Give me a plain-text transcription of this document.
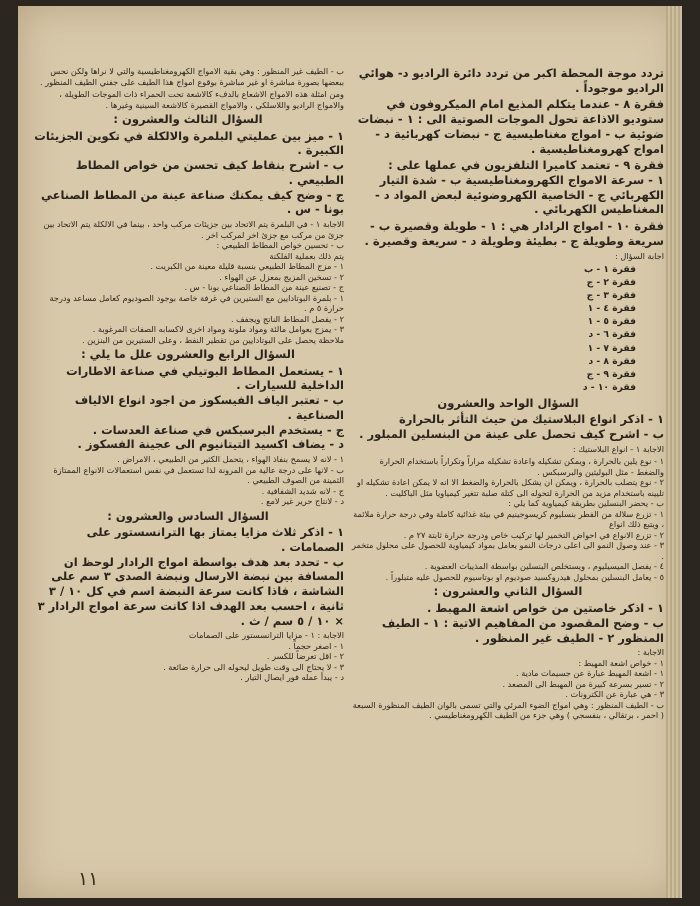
تردد موجة المحطة اكبر من تردد دائرة الراديو د- هوائي الراديو موجوداً .
فقرة ٨ - عندما يتكلم المذيع امام الميكروفون في ستوديو الاذاعة تحول الموجات الصوتية الى : ١ - نبضات ضوئية ب - امواج مغناطيسية ج - نبضات كهربائية د - امواج كهرومغناطيسية .
فقرة ٩ - تعتمد كاميرا التلفزيون في عملها على :
١ - سرعة الامواج الكهرومغناطيسية ب - شدة التيار الكهربائي ج - الخاصية الكهروضوئية لبعض المواد د - المغناطيس الكهربائي .
فقرة ١٠ - امواج الرادار هي : ١ - طويلة وقصيرة ب - سريعة وطويلة ج - بطيئة وطويلة د - سريعة وقصيرة .
اجابة السؤال :
فقرة ١ - ب
فقرة ٢ - ج
فقرة ٣ - ج
فقرة ٤ - ١
فقرة ٥ - ١
فقرة ٦ - د
فقرة ٧ - ١
فقرة ٨ - د
فقرة ٩ - ج
فقرة ١٠ - د
السؤال الواحد والعشرون
١ - اذكر انواع البلاستيك من حيث التأثر بالحرارة
ب - اشرح كيف تحصل على عينة من البنسلين المبلور .
الاجابة ١ - انواع البلاستيك :
١ - نوع يلين بالحرارة ، ويمكن تشكيله واعادة تشكيله مراراً وتكراراً باستخدام الحرارة والضغط - مثل البوليثين والبرسبكس .
٢ - نوع يتصلب بالحرارة ، ويمكن ان يشكل بالحرارة والضغط الا انه لا يمكن اعادة تشكيله او تليينه باستخدام مزيد من الحرارة لتحوله الى كتلة صلبة تتغير كيمياويا مثل الباكليت .
ب - يحضر البنسلين بطريقة كيمياوية كما يلي :
١ - تزرع سلالة من الفطر بنسليوم كريسوجينيم في بيئة غذائية كاملة وفي درجة حرارة ملائمة ، ويتبع ذلك انواع
٢ - تزرع الانواع في احواض التخمير لها تركيب خاص ودرجة حرارة ثابتة ٢٧ م .
٣ - عند وصول النمو الى اعلى درجات النمو يعامل بمواد كيمياوية للحصول على محلول متخمر .
٤ - يفصل الميسيليوم ، ويستخلص البنسلين بواسطة المذيبات العضوية .
٥ - يعامل البنسلين بمحلول هيدروكسيد صوديوم او بوتاسيوم للحصول عليه متبلوراً .
السؤال الثاني والعشرون :
١ - اذكر خاصتين من خواص اشعة المهبط .
ب - وضح المقصود من المفاهيم الاتية : ١ - الطيف المنظور ٢ - الطيف غير المنظور .
الاجابة :
١ - خواص اشعة المهبط :
١ - اشعة المهبط عبارة عن جسيمات مادية .
٢ - تسير بسرعة كبيرة من المهبط الى المصعد .
٣ - هي عبارة عن الكترونات .
ب - الطيف المنظور : وهي امواج الضوء المرئي والتي تسمى بالوان الطيف المنظورة السبعة ( احمر ، برتقالي ، بنفسجي ) وهي جزء من الطيف الكهرومغناطيسي .
ب - الطيف غير المنظور : وهي بقية الامواج الكهرومغناطيسية والتي لا نراها ولكن نحس ببعضها بصورة مباشرة او غير مباشرة بوقوع امواج هذا الطيف على جفني الطيف المنظور .
ومن امثلة هذه الامواج الاشعاع بالدفء كالاشعة تحت الحمراء ذات الموجات الطويلة ، والامواج الراديو واللاسلكي ، والامواج القصيرة كالاشعة السينية وغيرها .
السؤال الثالث والعشرون :
١ - ميز بين عمليتي البلمرة والالكلة في تكوين الجزيئات الكبيرة .
ب - اشرح بنقاط كيف تحسن من خواص المطاط الطبيعي .
ج - وضح كيف يمكنك صناعة عينة من المطاط الصناعي بونا - س .
الاجابة ١ - في البلمرة يتم الاتحاد بين جزيئات مركب واحد ، بينما في الالكلة يتم الاتحاد بين جزئ من مركب مع جزئ اخر لمركب اخر .
ب - تحسين خواص المطاط الطبيعي :
يتم ذلك بعملية الفلكنة
١ - مزج المطاط الطبيعي بنسبة قليلة معينة من الكبريت .
٢ - تسخين المزيج بمعزل عن الهواء .
ج - تصنيع عينة من المطاط الصناعي بونا - س .
١ - بلمرة البوتادايين مع الستيرين في غرفة خاصة بوجود الصوديوم كعامل مساعد ودرجة حرارة ٥ م .
٢ - يفصل المطاط الناتج ويجفف .
٣ - يمزج بعوامل مالئة ومواد ملونة ومواد اخرى لاكسابه الصفات المرغوبة .
ملاحظة يحصل على البوتادايين من تقطير النفط ، وعلى الستيرين من البنزين .
السؤال الرابع والعشرون علل ما يلي :
١ - يستعمل المطاط البوتيلي في صناعة الاطارات الداخلية للسيارات .
ب - تعتبر الياف الفيسكوز من اجود انواع الالياف الصناعية .
ج - يستخدم البرسبكس في صناعة العدسات .
د - يضاف اكسيد التيتانيوم الى عجينة الفسكوز .
١ - لانه لا يسمح بنفاذ الهواء ، يتحمل الكثير من الطبيعي ، الامراض .
ب - لانها على درجة عالية من المرونة لذا تستعمل في نفس استعمالات الانواع الممتازة الثمينة من الصوف الطبيعي .
ج - لانه شديد الشفافية .
د - لانتاج حرير غير لامع .
السؤال السادس والعشرون :
١ - اذكر ثلاث مزايا يمتاز بها الترانسستور على الصمامات .
ب - تحدد بعد هدف بواسطة امواج الرادار لوحظ ان المسافة بين نبضة الارسال ونبضة الصدى ٣ سم على الشاشة ، فاذا كانت سرعة النبضة اسم في كل ١٠ / ٣ ثانية ، احسب بعد الهدف اذا كانت سرعة امواج الرادار ٣ × ١٠ / ٥ سم / ث .
الاجابة : ١ - مزايا الترانسستور على الصمامات
١ - اصغر حجماً .
٢ - اقل تعرضاً للكسر .
٣ - لا يحتاج الى وقت طويل ليحوله الى حرارة ضائعة .
د - يبدأ عمله فور ايصال التيار .
١١
